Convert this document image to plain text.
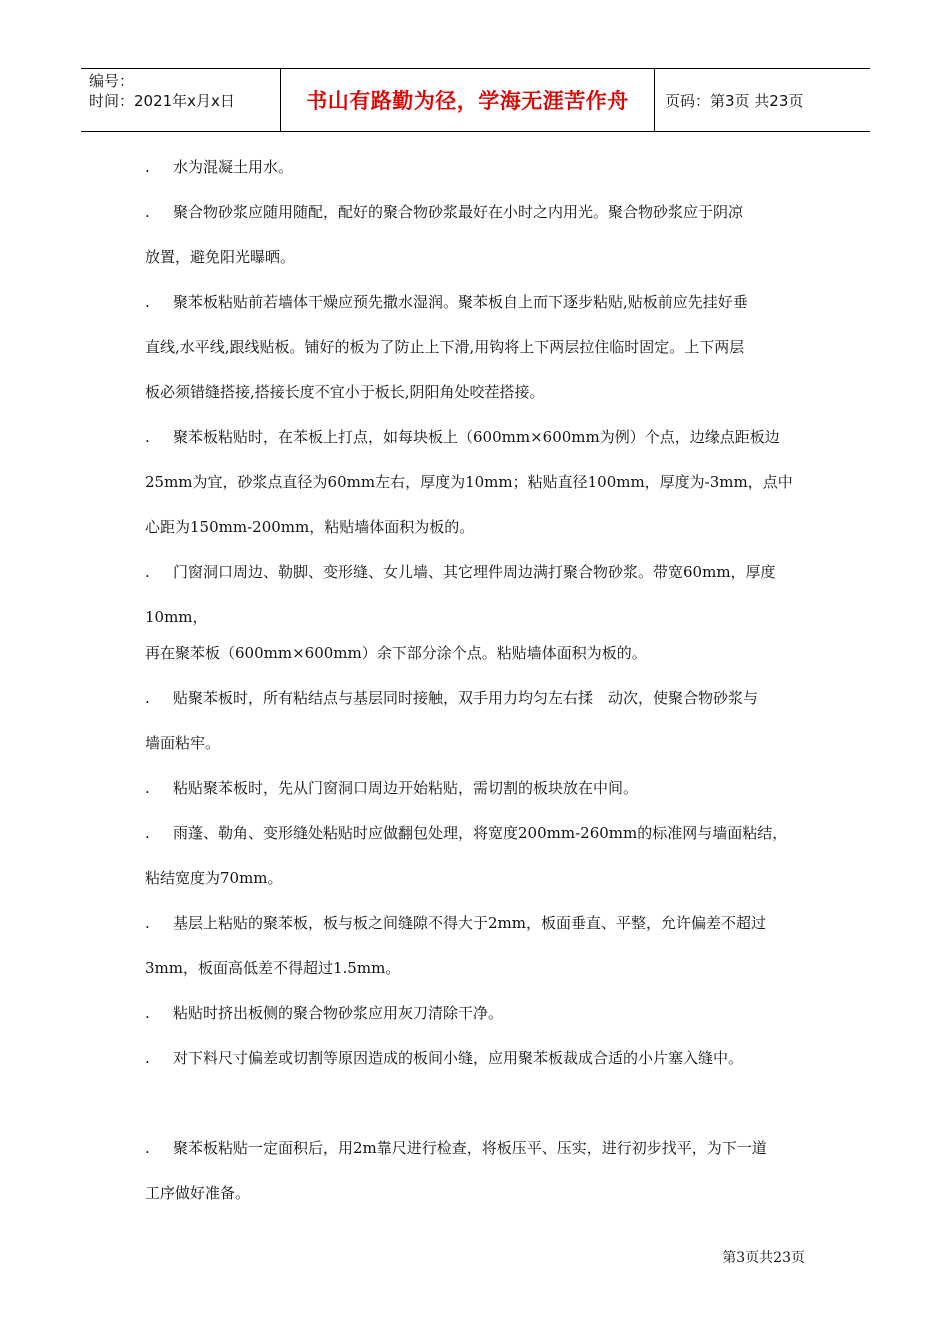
编号：
时间：2021年x月x日	书山有路勤为径，学海无涯苦作舟 页码：第3页 共23页
. 水为混凝土用水。
. 聚合物砂浆应随用随配，配好的聚合物砂浆最好在小时之内用光。聚合物砂浆应于阴凉
放置，避免阳光曝晒。
. 聚苯板粘贴前若墙体干燥应预先撒水湿润。聚苯板自上而下逐步粘贴,贴板前应先挂好垂
直线,水平线,跟线贴板。铺好的板为了防止上下滑,用钩将上下两层拉住临时固定。上下两层
板必须错缝搭接,搭接长度不宜小于板长,阴阳角处咬茬搭接。
. 聚苯板粘贴时，在苯板上打点，如每块板上（600mm×600mm为例）个点，边缘点距板边
25mm为宜，砂浆点直径为60mm左右，厚度为10mm；粘贴直径100mm，厚度为-3mm，点中
心距为150mm-200mm，粘贴墙体面积为板的。
. 门窗洞口周边、勒脚、变形缝、女儿墙、其它埋件周边满打聚合物砂浆。带宽60mm，厚度
10mm，
再在聚苯板（600mm×600mm）余下部分涂个点。粘贴墙体面积为板的。
. 贴聚苯板时，所有粘结点与基层同时接触，双手用力均匀左右揉　动次，使聚合物砂浆与
墙面粘牢。
. 粘贴聚苯板时，先从门窗洞口周边开始粘贴，需切割的板块放在中间。
. 雨蓬、勒角、变形缝处粘贴时应做翻包处理，将宽度200mm-260mm的标准网与墙面粘结，
粘结宽度为70mm。
. 基层上粘贴的聚苯板，板与板之间缝隙不得大于2mm，板面垂直、平整，允许偏差不超过
3mm，板面高低差不得超过1.5mm。
. 粘贴时挤出板侧的聚合物砂浆应用灰刀清除干净。
. 对下料尺寸偏差或切割等原因造成的板间小缝，应用聚苯板裁成合适的小片塞入缝中。
. 聚苯板粘贴一定面积后，用2m靠尺进行检查，将板压平、压实，进行初步找平，为下一道
工序做好准备。
第3页共23页
